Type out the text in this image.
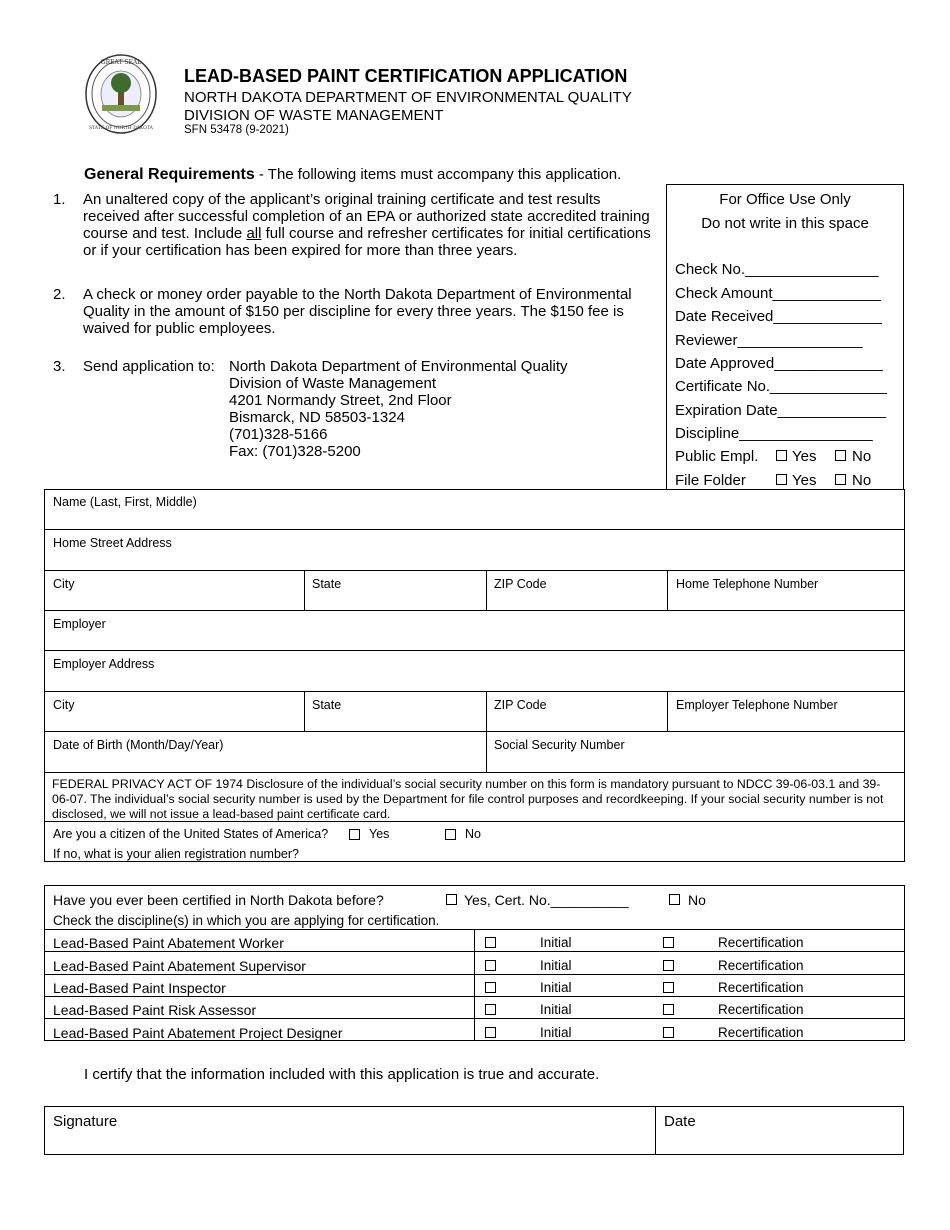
GREAT SEAL
STATE OF NORTH DAKOTA
LEAD-BASED PAINT CERTIFICATION APPLICATION
NORTH DAKOTA DEPARTMENT OF ENVIRONMENTAL QUALITY
DIVISION OF WASTE MANAGEMENT
SFN 53478 (9-2021)
General Requirements - The following items must accompany this application.
1. An unaltered copy of the applicant’s original training certificate and test results received after successful completion of an EPA or authorized state accredited training course and test. Include all full course and refresher certificates for initial certifications or if your certification has been expired for more than three years.
2. A check or money order payable to the North Dakota Department of Environmental Quality in the amount of $150 per discipline for every three years. The $150 fee is waived for public employees.
3. Send application to: North Dakota Department of Environmental Quality
Division of Waste Management
4201 Normandy Street, 2nd Floor
Bismarck, ND 58503-1324
(701)328-5166
Fax: (701)328-5200
For Office Use Only
Do not write in this space
Check No.________________
Check Amount_____________
Date Received_____________
Reviewer_______________
Date Approved_____________
Certificate No.______________
Expiration Date_____________
Discipline________________
Public Empl. Yes No
File Folder	Yes No
Name (Last, First, Middle)
Home Street Address
City	State	ZIP Code	Home Telephone Number
Employer
Employer Address
City	State	ZIP Code	Employer Telephone Number
Date of Birth (Month/Day/Year)	Social Security Number
FEDERAL PRIVACY ACT OF 1974 Disclosure of the individual’s social security number on this form is mandatory pursuant to NDCC 39-06-03.1 and 39-06-07. The individual’s social security number is used by the Department for file control purposes and recordkeeping. If your social security number is not disclosed, we will not issue a lead-based paint certificate card.
Are you a citizen of the United States of America?	Yes	No
If no, what is your alien registration number?
Have you ever been certified in North Dakota before?	Yes, Cert. No.__________	No
Check the discipline(s) in which you are applying for certification.
Lead-Based Paint Abatement Worker	Initial	Recertification
Lead-Based Paint Abatement Supervisor	Initial	Recertification
Lead-Based Paint Inspector	Initial	Recertification
Lead-Based Paint Risk Assessor	Initial	Recertification
Lead-Based Paint Abatement Project Designer	Initial	Recertification
I certify that the information included with this application is true and accurate.
Signature	Date
